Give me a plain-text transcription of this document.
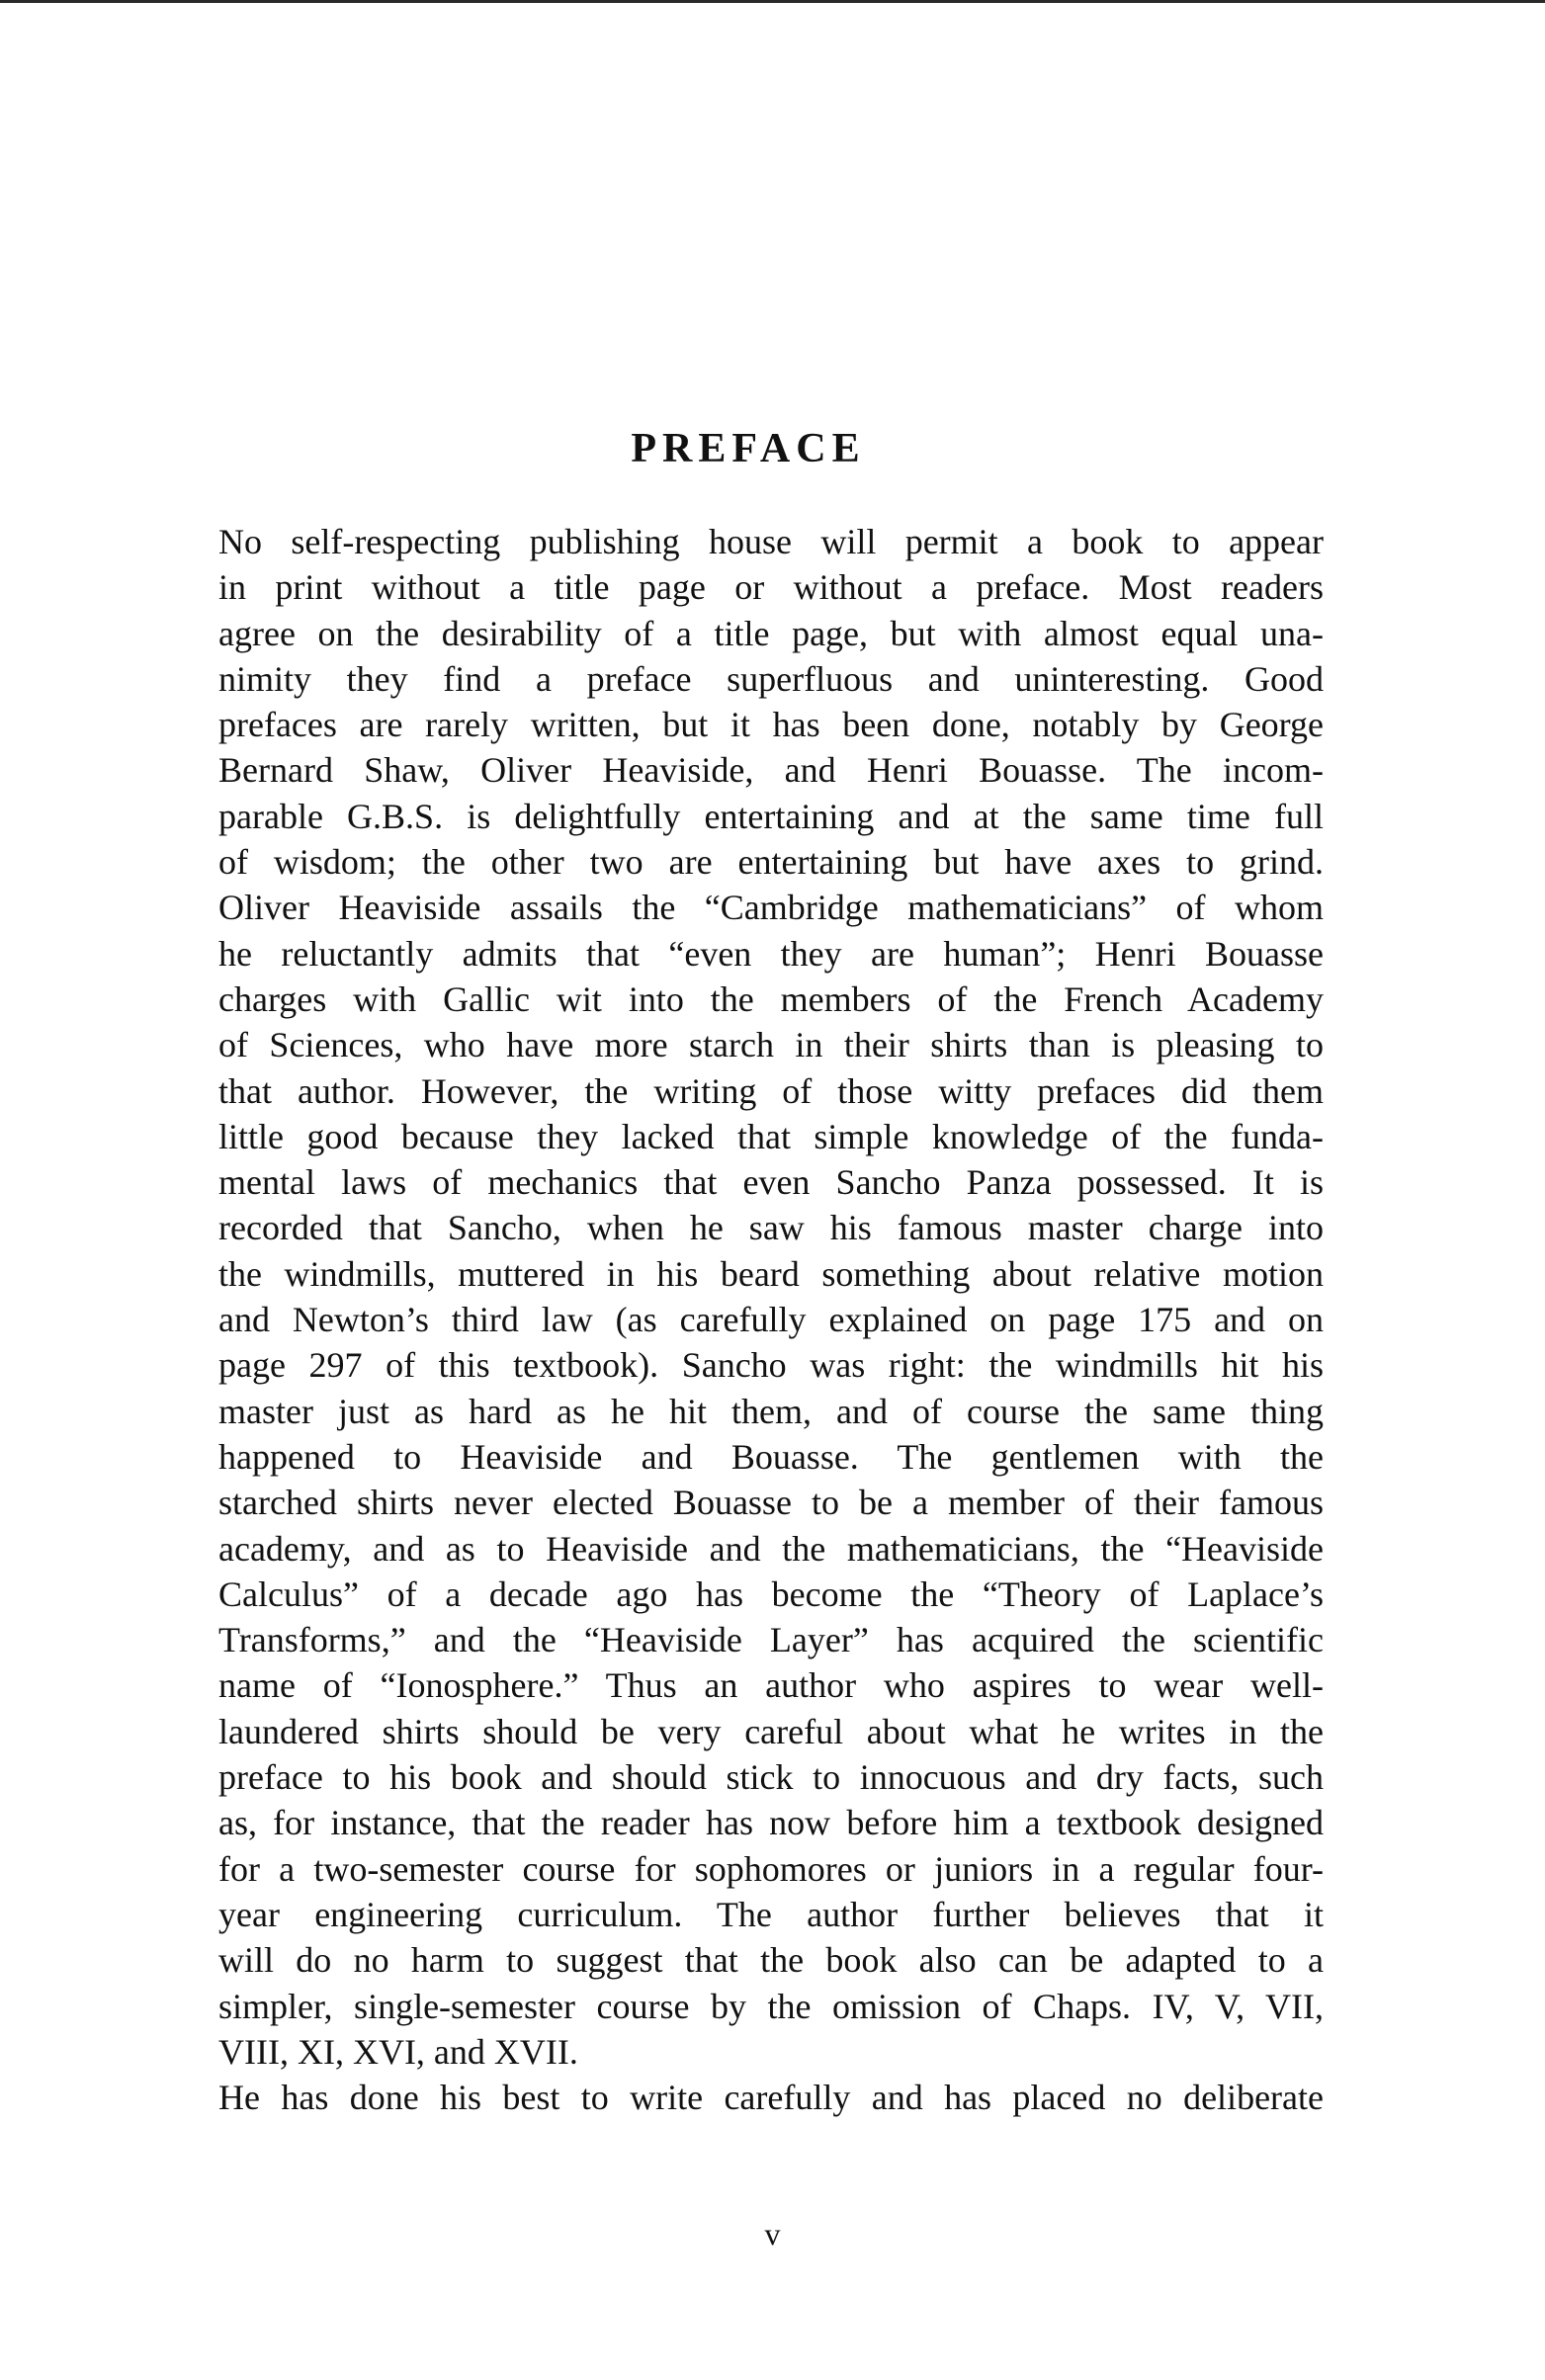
PREFACE

No self-respecting publishing house will permit a book to appear
in print without a title page or without a preface. Most readers
agree on the desirability of a title page, but with almost equal una-
nimity they find a preface superfluous and uninteresting. Good
prefaces are rarely written, but it has been done, notably by George
Bernard Shaw, Oliver Heaviside, and Henri Bouasse. The incom-
parable G.B.S. is delightfully entertaining and at the same time full
of wisdom; the other two are entertaining but have axes to grind.
Oliver Heaviside assails the “Cambridge mathematicians” of whom
he reluctantly admits that “even they are human”; Henri Bouasse
charges with Gallic wit into the members of the French Academy
of Sciences, who have more starch in their shirts than is pleasing to
that author. However, the writing of those witty prefaces did them
little good because they lacked that simple knowledge of the funda-
mental laws of mechanics that even Sancho Panza possessed. It is
recorded that Sancho, when he saw his famous master charge into
the windmills, muttered in his beard something about relative motion
and Newton’s third law (as carefully explained on page 175 and on
page 297 of this textbook). Sancho was right: the windmills hit his
master just as hard as he hit them, and of course the same thing
happened to Heaviside and Bouasse. The gentlemen with the
starched shirts never elected Bouasse to be a member of their famous
academy, and as to Heaviside and the mathematicians, the “Heaviside
Calculus” of a decade ago has become the “Theory of Laplace’s
Transforms,” and the “Heaviside Layer” has acquired the scientific
name of “Ionosphere.” Thus an author who aspires to wear well-
laundered shirts should be very careful about what he writes in the
preface to his book and should stick to innocuous and dry facts, such
as, for instance, that the reader has now before him a textbook designed
for a two-semester course for sophomores or juniors in a regular four-
year engineering curriculum. The author further believes that it
will do no harm to suggest that the book also can be adapted to a
simpler, single-semester course by the omission of Chaps. IV, V, VII,
VIII, XI, XVI, and XVII.

He has done his best to write carefully and has placed no deliberate

v
